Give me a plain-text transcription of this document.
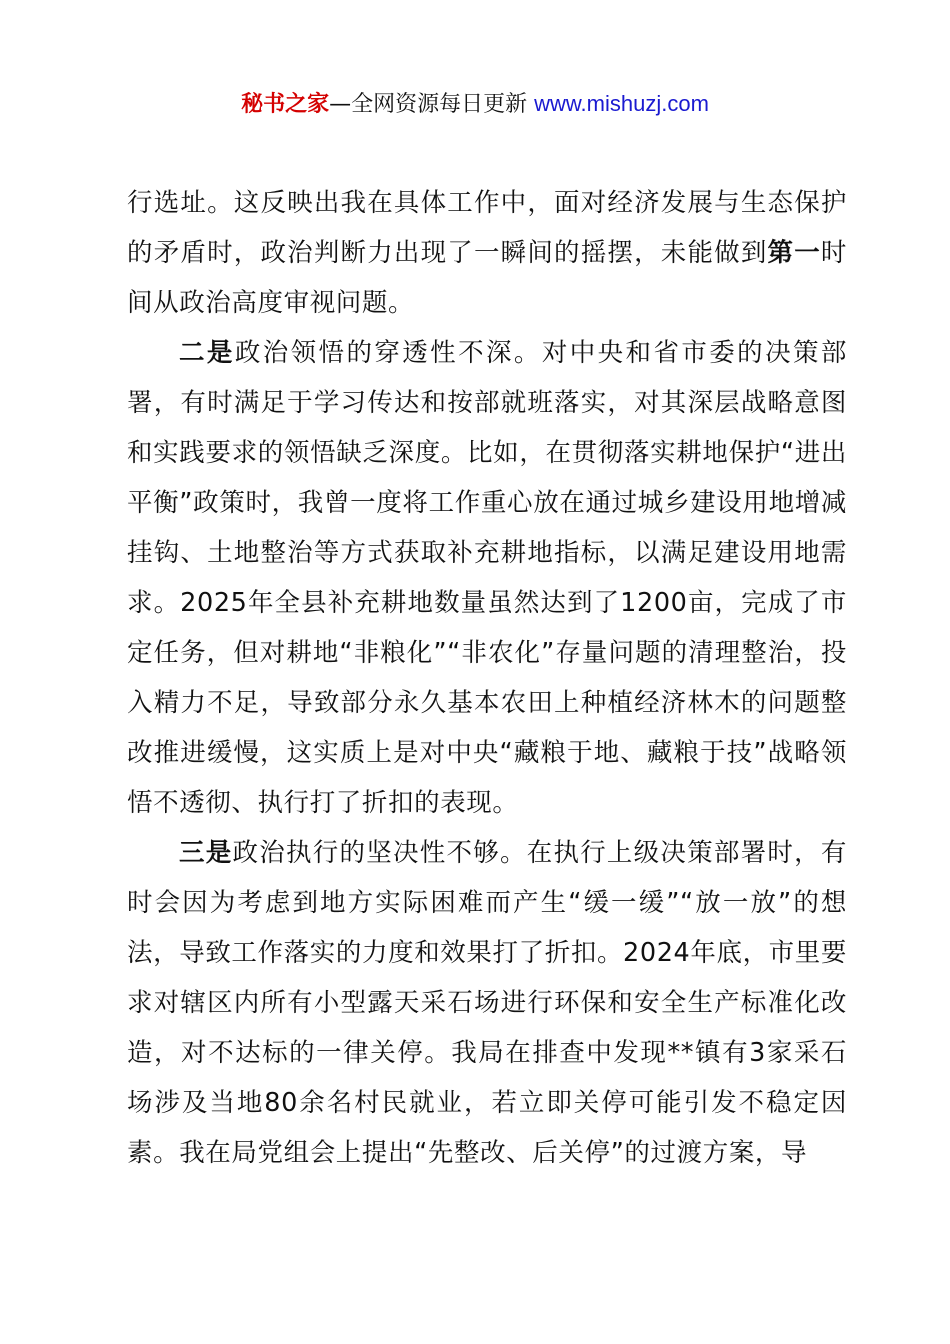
秘书之家—全网资源每日更新 www.mishuzj.com

行选址。这反映出我在具体工作中，面对经济发展与生态保护的矛盾时，政治判断力出现了一瞬间的摇摆，未能做到第一时间从政治高度审视问题。

二是政治领悟的穿透性不深。对中央和省市委的决策部署，有时满足于学习传达和按部就班落实，对其深层战略意图和实践要求的领悟缺乏深度。比如，在贯彻落实耕地保护“进出平衡”政策时，我曾一度将工作重心放在通过城乡建设用地增减挂钩、土地整治等方式获取补充耕地指标，以满足建设用地需求。2025年全县补充耕地数量虽然达到了1200亩，完成了市定任务，但对耕地“非粮化”“非农化”存量问题的清理整治，投入精力不足，导致部分永久基本农田上种植经济林木的问题整改推进缓慢，这实质上是对中央“藏粮于地、藏粮于技”战略领悟不透彻、执行打了折扣的表现。

三是政治执行的坚决性不够。在执行上级决策部署时，有时会因为考虑到地方实际困难而产生“缓一缓”“放一放”的想法，导致工作落实的力度和效果打了折扣。2024年底，市里要求对辖区内所有小型露天采石场进行环保和安全生产标准化改造，对不达标的一律关停。我局在排查中发现**镇有3家采石场涉及当地80余名村民就业，若立即关停可能引发不稳定因素。我在局党组会上提出“先整改、后关停”的过渡方案，导
